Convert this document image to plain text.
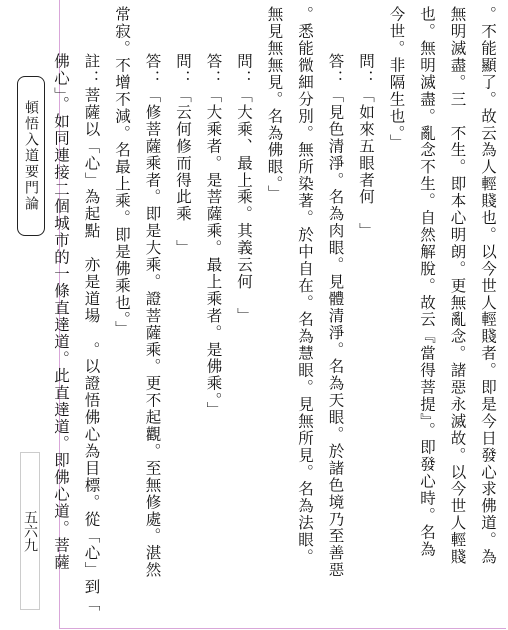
頓悟入道要門論
五六九	。不能顯了。故云為人輕賤也。以今世人輕賤者。即是今日發心求佛道。為
無明滅盡。三　不生。即本心明朗。更無亂念。諸惡永滅故。以今世人輕賤
也。無明滅盡。亂念不生。自然解脫。故云『當得菩提』。即發心時。名為
今世。非隔生也。」
問：「如來五眼者何　」
答：「見色清淨。名為肉眼。見體清淨。名為天眼。於諸色境乃至善惡
。悉能微細分別。無所染著。於中自在。名為慧眼。見無所見。名為法眼。
無見無無見。名為佛眼。」
問：「大乘、最上乘。其義云何　」
答：「大乘者。是菩薩乘。最上乘者。是佛乘。」
問：「云何修而得此乘　」
答：「修菩薩乘者。即是大乘。證菩薩乘。更不起觀。至無修處。湛然
常寂。不增不減。名最上乘。即是佛乘也。」
註：菩薩以「心」為起點　亦是道場　。以證悟佛心為目標。從「心」到「
佛心」。如同連接二個城市的一條直達道。此直達道。即佛心道。菩薩
